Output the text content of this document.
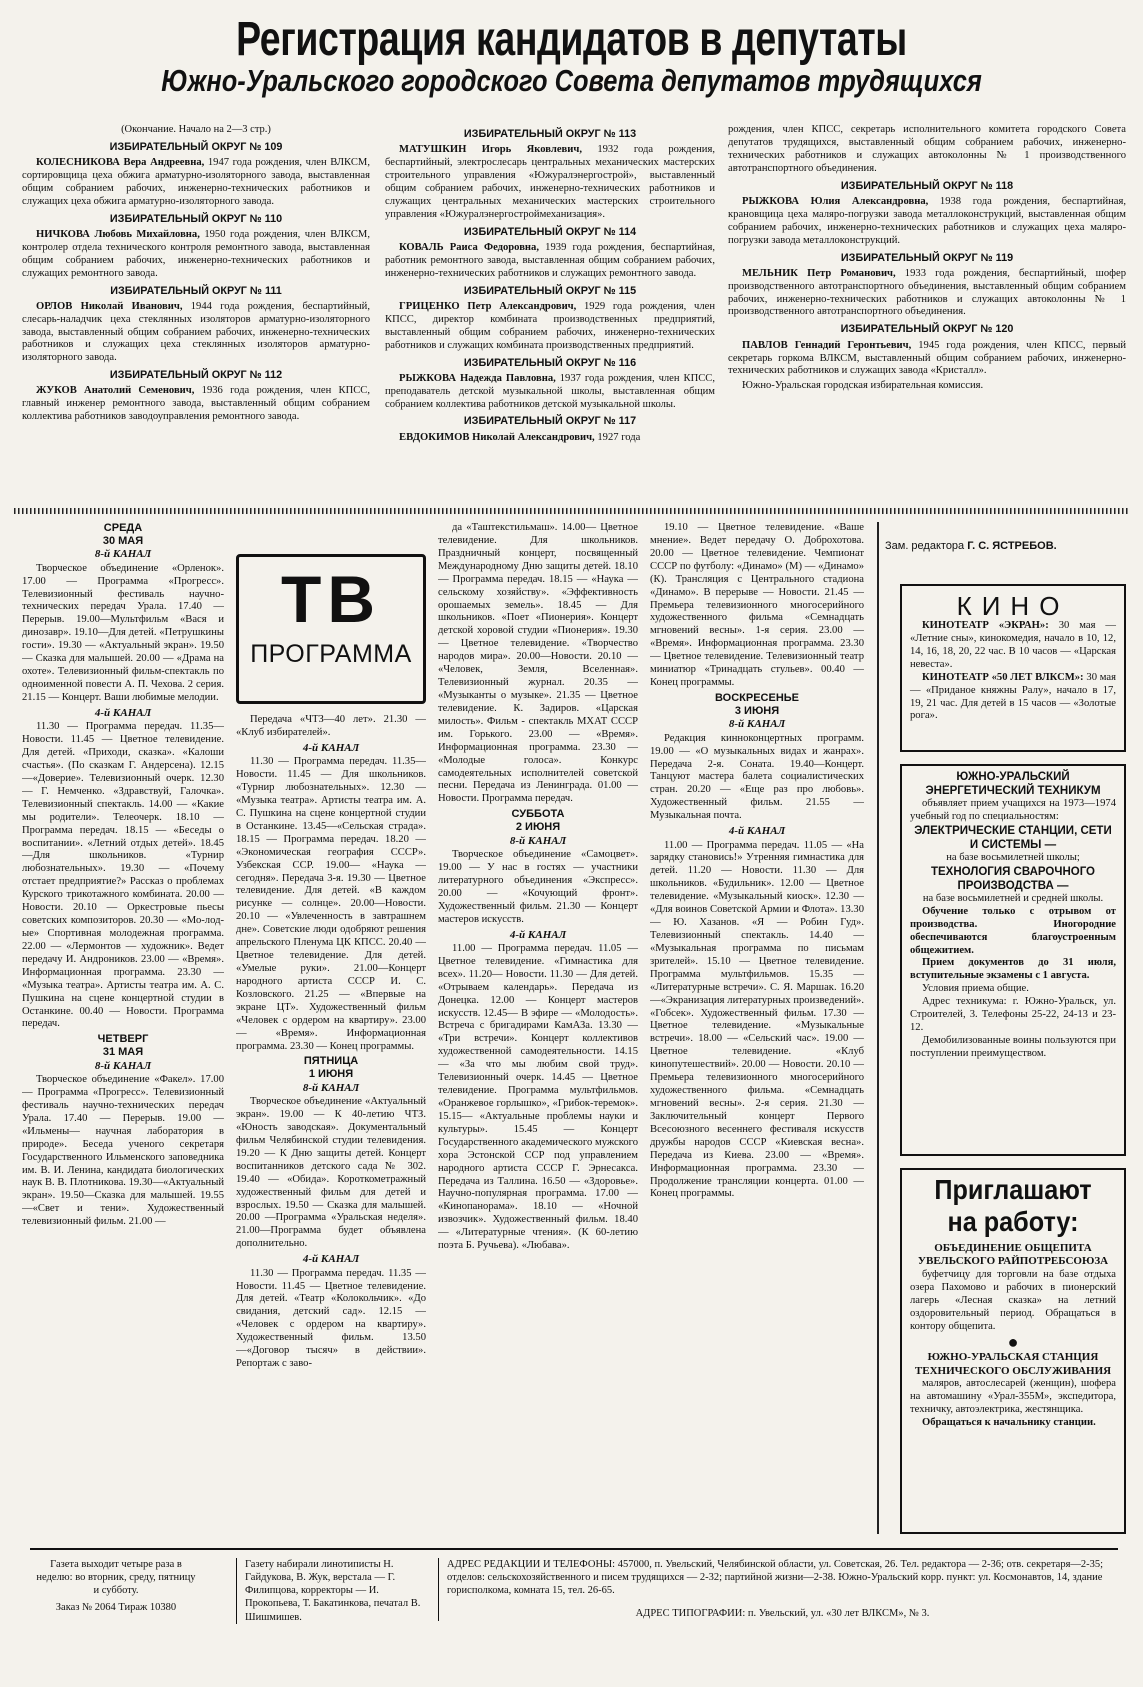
Регистрация кандидатов в депутаты
Южно-Уральского городского Совета депутатов трудящихся
(Окончание. Начало на 2—3 стр.)
ИЗБИРАТЕЛЬНЫЙ ОКРУГ № 109

КОЛЕСНИКОВА Вера Андреевна, 1947 года рождения, член ВЛКСМ, сортировщица цеха обжига арматурно-изоляторного завода, выставленная общим собранием рабочих, инженерно-технических работников и служащих цеха обжига арматурно-изоляторного завода.

ИЗБИРАТЕЛЬНЫЙ ОКРУГ № 110

НИЧКОВА Любовь Михайловна, 1950 года рождения, член ВЛКСМ, контролер отдела технического контроля ремонтного завода, выставленная общим собранием рабочих, инженерно-технических работников и служащих ремонтного завода.

ИЗБИРАТЕЛЬНЫЙ ОКРУГ № 111

ОРЛОВ Николай Иванович, 1944 года рождения, беспартийный, слесарь-наладчик цеха стеклянных изоляторов арматурно-изоляторного завода, выставленный общим собранием рабочих, инженерно-технических работников и служащих цеха стеклянных изоляторов арматурно-изоляторного завода.

ИЗБИРАТЕЛЬНЫЙ ОКРУГ № 112

ЖУКОВ Анатолий Семенович, 1936 года рождения, член КПСС, главный инженер ремонтного завода, выставленный общим собранием коллектива работников заводоуправления ремонтного завода.

ИЗБИРАТЕЛЬНЫЙ ОКРУГ № 113

МАТУШКИН Игорь Яковлевич, 1932 года рождения, беспартийный, электрослесарь центральных механических мастерских строительного управления «Южуралэнергострой», выставленный общим собранием рабочих, инженерно-технических работников и служащих центральных механических мастерских строительного управления «Южуралэнергостроймеханизация».

ИЗБИРАТЕЛЬНЫЙ ОКРУГ № 114

КОВАЛЬ Раиса Федоровна, 1939 года рождения, беспартийная, работник ремонтного завода, выставленная общим собранием рабочих, инженерно-технических работников и служащих ремонтного завода.

ИЗБИРАТЕЛЬНЫЙ ОКРУГ № 115

ГРИЦЕНКО Петр Александрович, 1929 года рождения, член КПСС, директор комбината производственных предприятий, выставленный общим собранием рабочих, инженерно-технических работников и служащих комбината производственных предприятий.

ИЗБИРАТЕЛЬНЫЙ ОКРУГ № 116

РЫЖКОВА Надежда Павловна, 1937 года рождения, член КПСС, преподаватель детской музыкальной школы, выставленная общим собранием коллектива работников детской музыкальной школы.

ИЗБИРАТЕЛЬНЫЙ ОКРУГ № 117

ЕВДОКИМОВ Николай Александрович, 1927 года

рождения, член КПСС, секретарь исполнительного комитета городского Совета депутатов трудящихся, выставленный общим собранием рабочих, инженерно-технических работников и служащих автоколонны № 1 производственного автотранспортного объединения.

ИЗБИРАТЕЛЬНЫЙ ОКРУГ № 118

РЫЖКОВА Юлия Александровна, 1938 года рождения, беспартийная, крановщица цеха маляро-погрузки завода металлоконструкций, выставленная общим собранием рабочих, инженерно-технических работников и служащих цеха маляро-погрузки завода металлоконструкций.

ИЗБИРАТЕЛЬНЫЙ ОКРУГ № 119

МЕЛЬНИК Петр Романович, 1933 года рождения, беспартийный, шофер производственного автотранспортного объединения, выставленный общим собранием рабочих, инженерно-технических работников и служащих автоколонны № 1 производственного автотранспортного объединения.

ИЗБИРАТЕЛЬНЫЙ ОКРУГ № 120

ПАВЛОВ Геннадий Геронтьевич, 1945 года рождения, член КПСС, первый секретарь горкома ВЛКСМ, выставленный общим собранием рабочих, инженерно-технических работников и служащих завода «Кристалл».

Южно-Уральская городская избирательная комиссия.

ТВ
ПРОГРАММА
СРЕДА
30 МАЯ
8-й КАНАЛ

Творческое объединение «Орленок». 17.00 — Программа «Прогресс». Телевизионный фестиваль научно-технических передач Урала. 17.40 — Перерыв. 19.00—Мультфильм «Вася и динозавр». 19.10—Для детей. «Петрушкины гости». 19.30 — «Актуальный экран». 19.50 — Сказка для малышей. 20.00 — «Драма на охоте». Телевизионный фильм-спектакль по одноименной повести А. П. Чехова. 2 серия. 21.15 — Концерт. Ваши любимые мелодии.

4-й КАНАЛ

11.30 — Программа передач. 11.35—Новости. 11.45 — Цветное телевидение. Для детей. «Приходи, сказка». «Калоши счастья». (По сказкам Г. Андерсена). 12.15—«Доверие». Телевизионный очерк. 12.30 — Г. Немченко. «Здравствуй, Галочка». Телевизионный спектакль. 14.00 — «Какие мы родители». Телеочерк. 18.10 — Программа передач. 18.15 — «Беседы о воспитании». «Летний отдых детей». 18.45—Для школьников. «Турнир любознательных». 19.30 — «Почему отстает предприятие?» Рассказ о проблемах Курского трикотажного комбината. 20.00 — Новости. 20.10 — Оркестровые пьесы советских композиторов. 20.30 — «Мо-лод-ые» Спортивная молодежная программа. 22.00 — «Лермонтов — художник». Ведет передачу И. Андроников. 23.00 — «Время». Информационная программа. 23.30 — «Музыка театра». Артисты театра им. А. С. Пушкина на сцене концертной студии в Останкине. 00.40 — Новости. Программа передач.

ЧЕТВЕРГ
31 МАЯ
8-й КАНАЛ

Творческое объединение «Факел». 17.00 — Программа «Прогресс». Телевизионный фестиваль научно-технических передач Урала. 17.40 — Перерыв. 19.00 — «Ильмены— научная лаборатория в природе». Беседа ученого секретаря Государственного Ильменского заповедника им. В. И. Ленина, кандидата биологических наук В. В. Плотникова. 19.30—«Актуальный экран». 19.50—Сказка для малышей. 19.55—«Свет и тени». Художественный телевизионный фильм. 21.00 —

Передача «ЧТЗ—40 лет». 21.30 — «Клуб избирателей».

4-й КАНАЛ

11.30 — Программа передач. 11.35—Новости. 11.45 — Для школьников. «Турнир любознательных». 12.30 — «Музыка театра». Артисты театра им. А. С. Пушкина на сцене концертной студии в Останкине. 13.45—«Сельская страда». 18.15 — Программа передач. 18.20 — «Экономическая география СССР». Узбекская ССР. 19.00— «Наука — сегодня». Передача 3-я. 19.30 — Цветное телевидение. Для детей. «В каждом рисунке — солнце». 20.00—Новости. 20.10 — «Увлеченность в завтрашнем дне». Советские люди одобряют решения апрельского Пленума ЦК КПСС. 20.40 — Цветное телевидение. Для детей. «Умелые руки». 21.00—Концерт народного артиста СССР И. С. Козловского. 21.25 — «Впервые на экране ЦТ». Художественный фильм «Человек с ордером на квартиру». 23.00 — «Время». Информационная программа. 23.30 — Конец программы.

ПЯТНИЦА
1 ИЮНЯ
8-й КАНАЛ

Творческое объединение «Актуальный экран». 19.00 — К 40-летию ЧТЗ. «Юность заводская». Документальный фильм Челябинской студии телевидения. 19.20 — К Дню защиты детей. Концерт воспитанников детского сада № 302. 19.40 — «Обида». Короткометражный художественный фильм для детей и взрослых. 19.50 — Сказка для малышей. 20.00 —Программа «Уральская неделя». 21.00—Программа будет объявлена дополнительно.

4-й КАНАЛ

11.30 — Программа передач. 11.35 — Новости. 11.45 — Цветное телевидение. Для детей. «Театр «Колокольчик». «До свидания, детский сад». 12.15 — «Человек с ордером на квартиру». Художественный фильм. 13.50—«Договор тысяч» в действии». Репортаж с заво-

да «Таштекстильмаш». 14.00— Цветное телевидение. Для школьников. Праздничный концерт, посвященный Международному Дню защиты детей. 18.10 — Программа передач. 18.15 — «Наука — сельскому хозяйству». «Эффективность орошаемых земель». 18.45 — Для школьников. «Поет «Пионерия». Концерт детской хоровой студии «Пионерия». 19.30 — Цветное телевидение. «Творчество народов мира». 20.00—Новости. 20.10 — «Человек, Земля, Вселенная». Телевизионный журнал. 20.35 — «Музыканты о музыке». 21.35 — Цветное телевидение. К. Задиров. «Царская милость». Фильм - спектакль МХАТ СССР им. Горького. 23.00 — «Время». Информационная программа. 23.30 — «Молодые голоса». Конкурс самодеятельных исполнителей советской песни. Передача из Ленинграда. 01.00 — Новости. Программа передач.

СУББОТА
2 ИЮНЯ
8-й КАНАЛ

Творческое объединение «Самоцвет». 19.00 — У нас в гостях — участники литературного объединения «Экспресс». 20.00 — «Кочующий фронт». Художественный фильм. 21.30 — Концерт мастеров искусств.

4-й КАНАЛ

11.00 — Программа передач. 11.05 — Цветное телевидение. «Гимнастика для всех». 11.20— Новости. 11.30 — Для детей. «Отрываем календарь». Передача из Донецка. 12.00 — Концерт мастеров искусств. 12.45— В эфире — «Молодость». Встреча с бригадирами КамАЗа. 13.30 — «Три встречи». Концерт коллективов художественной самодеятельности. 14.15 — «За что мы любим свой труд». Телевизионный очерк. 14.45 — Цветное телевидение. Программа мультфильмов. «Оранжевое горлышко», «Грибок-теремок». 15.15— «Актуальные проблемы науки и культуры». 15.45 — Концерт Государственного академического мужского хора Эстонской ССР под управлением народного артиста СССР Г. Эрнесакса. Передача из Таллина. 16.50 — «Здоровье». Научно-популярная программа. 17.00 — «Кинопанорама». 18.10 — «Ночной извозчик». Художественный фильм. 18.40 — «Литературные чтения». (К 60-летию поэта Б. Ручьева). «Любава».

19.10 — Цветное телевидение. «Ваше мнение». Ведет передачу О. Доброхотова. 20.00 — Цветное телевидение. Чемпионат СССР по футболу: «Динамо» (М) — «Динамо» (К). Трансляция с Центрального стадиона «Динамо». В перерыве — Новости. 21.45 — Премьера телевизионного многосерийного художественного фильма «Семнадцать мгновений весны». 1-я серия. 23.00 — «Время». Информационная программа. 23.30 — Цветное телевидение. Телевизионный театр миниатюр «Тринадцать стульев». 00.40 — Конец программы.

ВОСКРЕСЕНЬЕ
3 ИЮНЯ
8-й КАНАЛ

Редакция кинноконцертных программ. 19.00 — «О музыкальных видах и жанрах». Передача 2-я. Соната. 19.40—Концерт. Танцуют мастера балета социалистических стран. 20.20 — «Еще раз про любовь». Художественный фильм. 21.55 — Музыкальная почта.

4-й КАНАЛ

11.00 — Программа передач. 11.05 — «На зарядку становись!» Утренняя гимнастика для детей. 11.20 — Новости. 11.30 — Для школьников. «Будильник». 12.00 — Цветное телевидение. «Музыкальный киоск». 12.30 — «Для воинов Советской Армии и Флота». 13.30 — Ю. Хазанов. «Я — Робин Гуд». Телевизионный спектакль. 14.40 — «Музыкальная программа по письмам зрителей». 15.10 — Цветное телевидение. Программа мультфильмов. 15.35 — «Литературные встречи». С. Я. Маршак. 16.20 —«Экранизация литературных произведений». «Гобсек». Художественный фильм. 17.30 — Цветное телевидение. «Музыкальные встречи». 18.00 — «Сельский час». 19.00 — Цветное телевидение. «Клуб кинопутешествий». 20.00 — Новости. 20.10 — Премьера телевизионного многосерийного художественного фильма. «Семнадцать мгновений весны». 2-я серия. 21.30 — Заключительный концерт Первого Всесоюзного весеннего фестиваля искусств дружбы народов СССР «Киевская весна». Передача из Киева. 23.00 — «Время». Информационная программа. 23.30 — Продолжение трансляции концерта. 01.00 — Конец программы.

Зам. редактора Г. С. ЯСТРЕБОВ.
КИНО

КИНОТЕАТР «ЭКРАН»: 30 мая — «Летние сны», кинокомедия, начало в 10, 12, 14, 16, 18, 20, 22 час. В 10 часов — «Царская невеста».

КИНОТЕАТР «50 ЛЕТ ВЛКСМ»: 30 мая — «Приданое княжны Ралу», начало в 17, 19, 21 час. Для детей в 15 часов — «Золотые рога».

ЮЖНО-УРАЛЬСКИЙ ЭНЕРГЕТИЧЕСКИЙ ТЕХНИКУМ

объявляет прием учащихся на 1973—1974 учебный год по специальностям:

ЭЛЕКТРИЧЕСКИЕ СТАНЦИИ, СЕТИ И СИСТЕМЫ —
на базе восьмилетней школы;
ТЕХНОЛОГИЯ СВАРОЧНОГО ПРОИЗВОДСТВА —
на базе восьмилетней и средней школы.

Обучение только с отрывом от производства. Иногородние обеспечиваются благоустроенным общежитием.

Прием документов до 31 июля, вступительные экзамены с 1 августа.

Условия приема общие.

Адрес техникума: г. Южно-Уральск, ул. Строителей, 3. Телефоны 25-22, 24-13 и 23-12.

Демобилизованные воины пользуются при поступлении преимуществом.

Приглашают
на работу:
ОБЪЕДИНЕНИЕ ОБЩЕПИТА УВЕЛЬСКОГО РАЙПОТРЕБСОЮЗА

буфетчицу для торговли на базе отдыха озера Пахомово и рабочих в пионерский лагерь «Лесная сказка» на летний оздоровительный период. Обращаться в контору общепита.

●
ЮЖНО-УРАЛЬСКАЯ СТАНЦИЯ ТЕХНИЧЕСКОГО ОБСЛУЖИВАНИЯ

маляров, автослесарей (женщин), шофера на автомашину «Урал-355М», экспедитора, техничку, автоэлектрика, жестянщика.

Обращаться к начальнику станции.

Газета выходит четыре раза в неделю: во вторник, среду, пятницу и субботу.
Заказ № 2064 Тираж 10380
Газету набирали линотиписты Н. Гайдукова, В. Жук, верстала — Г. Филипцова, корректоры — И. Прокопьева, Т. Бакатинкова, печатал В. Шишмишев.
АДРЕС РЕДАКЦИИ И ТЕЛЕФОНЫ: 457000, п. Увельский, Челябинской области, ул. Советская, 26. Тел. редактора — 2-36; отв. секретаря—2-35; отделов: сельскохозяйственного и писем трудящихся — 2-32; партийной жизни—2-38. Южно-Уральский корр. пункт: ул. Космонавтов, 14, здание горисполкома, комната 15, тел. 26-65.
АДРЕС ТИПОГРАФИИ: п. Увельский, ул. «30 лет ВЛКСМ», № 3.
